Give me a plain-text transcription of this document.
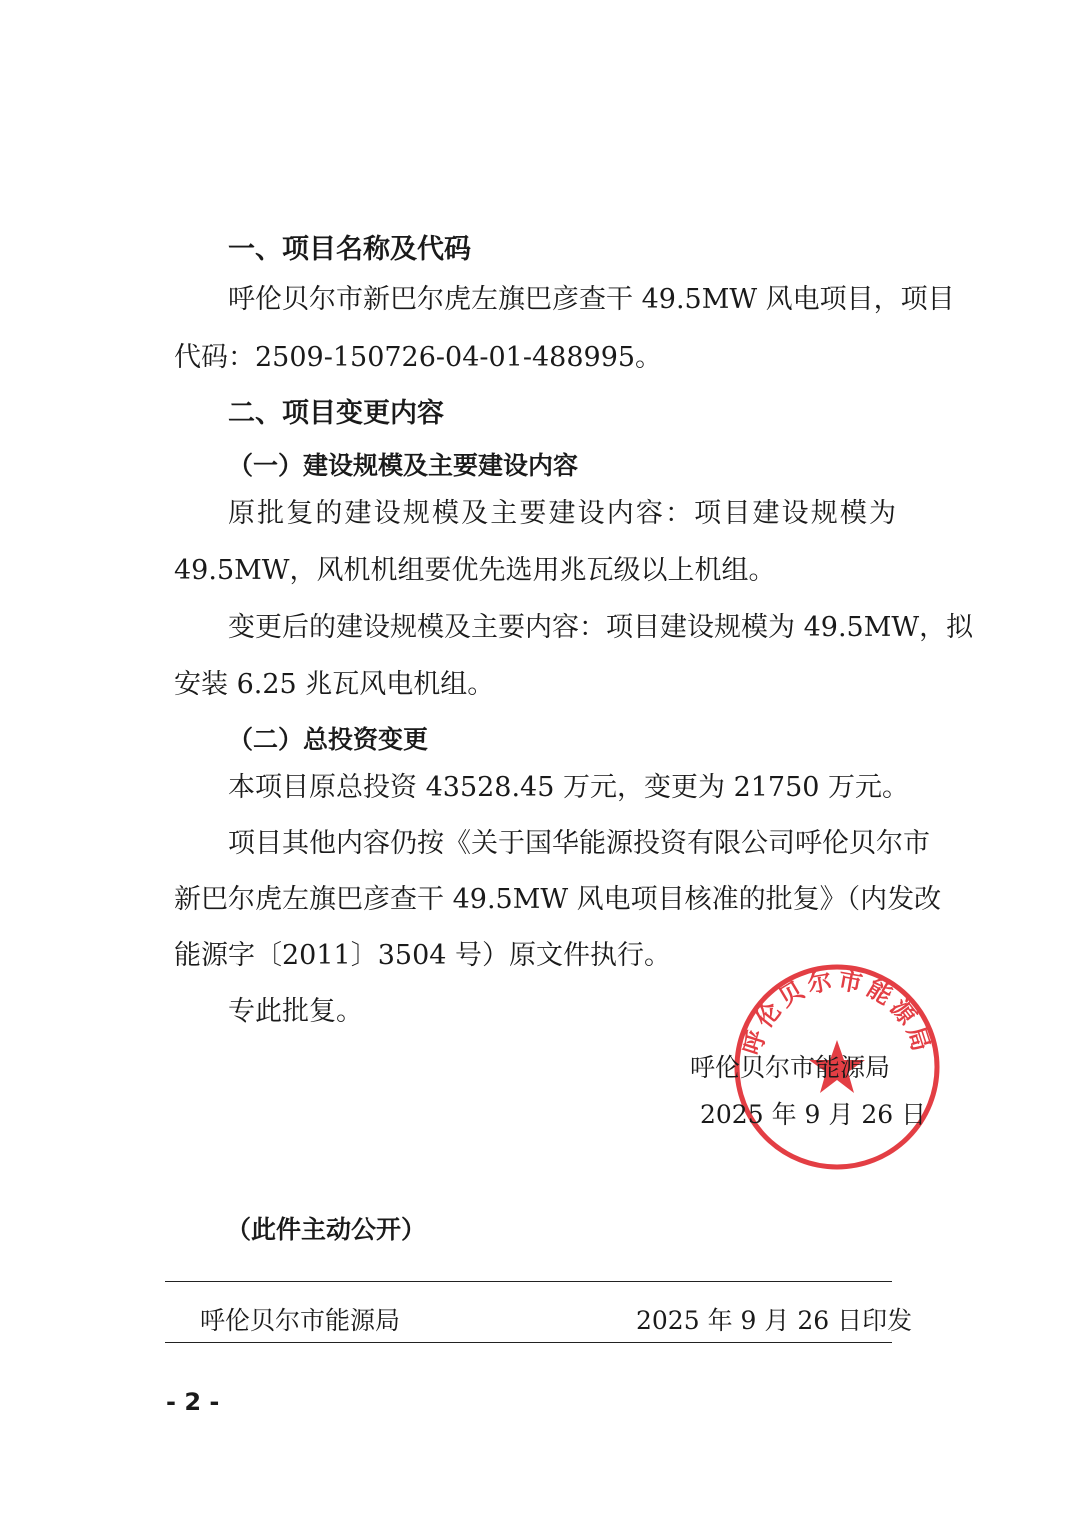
一、项目名称及代码
呼伦贝尔市新巴尔虎左旗巴彦查干 49.5MW 风电项目，项目
代码：2509-150726-04-01-488995。
二、项目变更内容
（一）建设规模及主要建设内容
原批复的建设规模及主要建设内容：项目建设规模为
49.5MW，风机机组要优先选用兆瓦级以上机组。
变更后的建设规模及主要内容：项目建设规模为 49.5MW，拟
安装 6.25 兆瓦风电机组。
（二）总投资变更
本项目原总投资 43528.45 万元，变更为 21750 万元。
项目其他内容仍按《关于国华能源投资有限公司呼伦贝尔市
新巴尔虎左旗巴彦查干 49.5MW 风电项目核准的批复》（内发改
能源字〔2011〕3504 号）原文件执行。
专此批复。
呼伦贝尔市能源局
呼伦贝尔市能源局
2025 年 9 月 26 日
（此件主动公开）
呼伦贝尔市能源局	2025 年 9 月 26 日印发
- 2 -
